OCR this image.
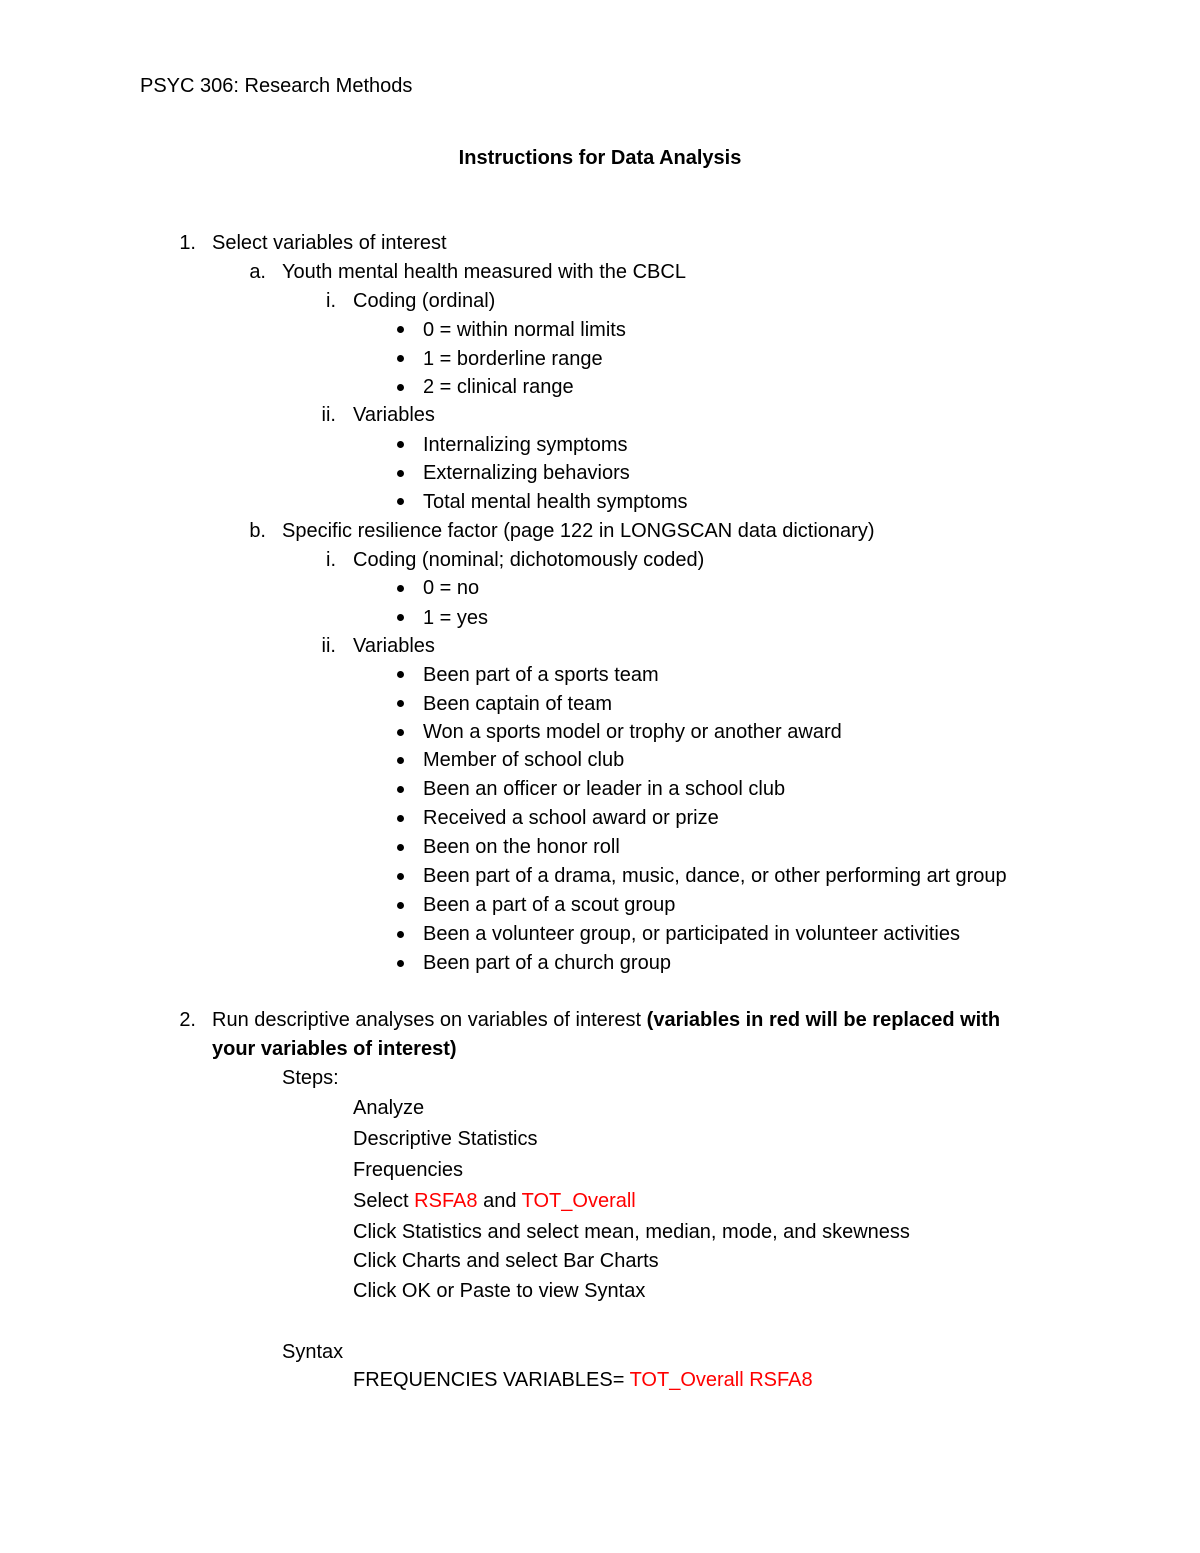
PSYC 306: Research Methods
Instructions for Data Analysis
1. Select variables of interest
a. Youth mental health measured with the CBCL
i. Coding (ordinal)
0 = within normal limits
1 = borderline range
2 = clinical range
ii. Variables
Internalizing symptoms
Externalizing behaviors
Total mental health symptoms
b. Specific resilience factor (page 122 in LONGSCAN data dictionary)
i. Coding (nominal; dichotomously coded)
0 = no
1 = yes
ii. Variables
Been part of a sports team
Been captain of team
Won a sports model or trophy or another award
Member of school club
Been an officer or leader in a school club
Received a school award or prize
Been on the honor roll
Been part of a drama, music, dance, or other performing art group
Been a part of a scout group
Been a volunteer group, or participated in volunteer activities
Been part of a church group
2. Run descriptive analyses on variables of interest (variables in red will be replaced with
your variables of interest)
Steps:
Analyze
Descriptive Statistics
Frequencies
Select RSFA8 and TOT_Overall
Click Statistics and select mean, median, mode, and skewness
Click Charts and select Bar Charts
Click OK or Paste to view Syntax
Syntax
FREQUENCIES VARIABLES= TOT_Overall RSFA8
